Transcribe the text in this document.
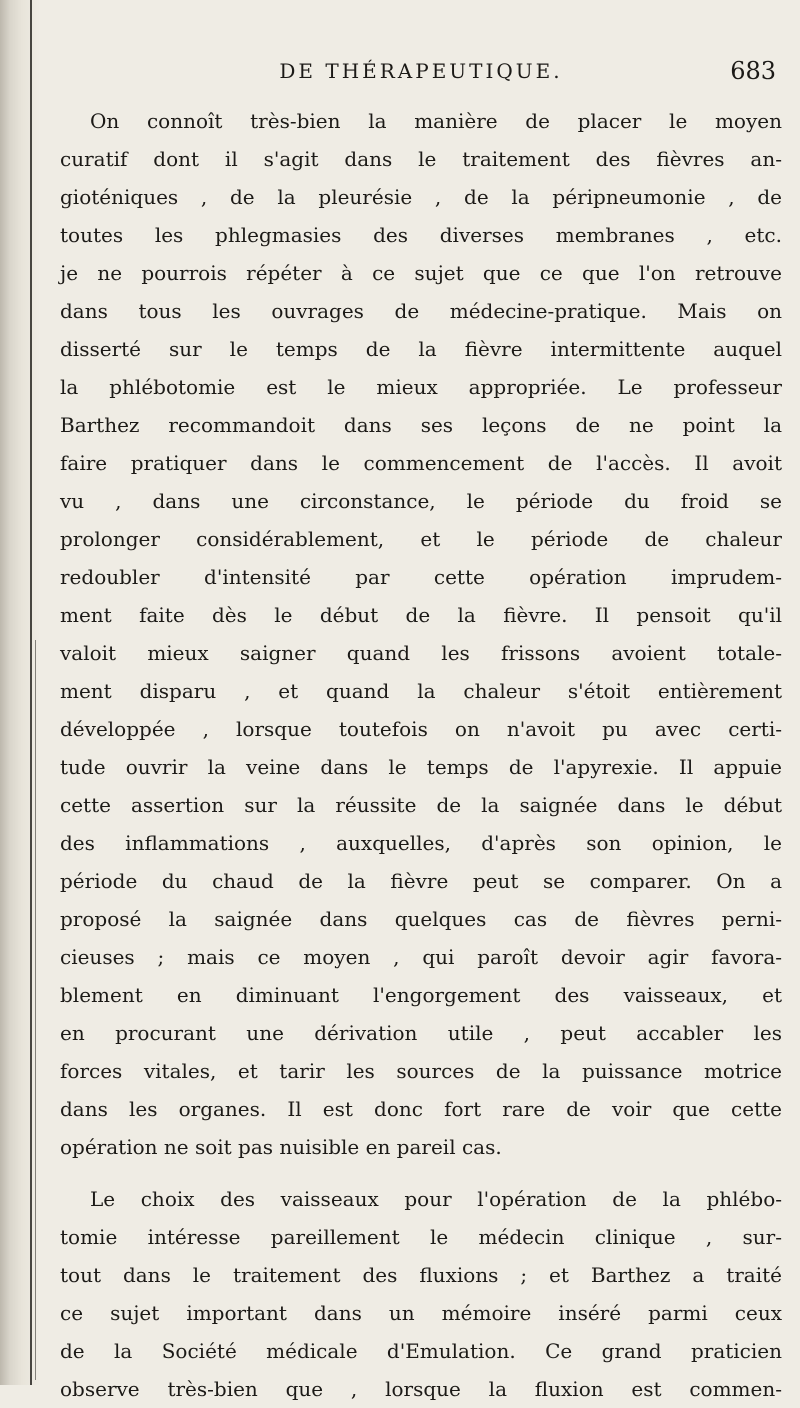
DE THÉRAPEUTIQUE.	683
On connoît très-bien la manière de placer le moyen
curatif dont il s'agit dans le traitement des fièvres an-
gioténiques , de la pleurésie , de la péripneumonie , de
toutes les phlegmasies des diverses membranes , etc.
je ne pourrois répéter à ce sujet que ce que l'on retrouve
dans tous les ouvrages de médecine-pratique. Mais on
disserté sur le temps de la fièvre intermittente auquel
la phlébotomie est le mieux appropriée. Le professeur
Barthez recommandoit dans ses leçons de ne point la
faire pratiquer dans le commencement de l'accès. Il avoit
vu , dans une circonstance, le période du froid se
prolonger considérablement, et le période de chaleur
redoubler d'intensité par cette opération imprudem-
ment faite dès le début de la fièvre. Il pensoit qu'il
valoit mieux saigner quand les frissons avoient totale-
ment disparu , et quand la chaleur s'étoit entièrement
développée , lorsque toutefois on n'avoit pu avec certi-
tude ouvrir la veine dans le temps de l'apyrexie. Il appuie
cette assertion sur la réussite de la saignée dans le début
des inflammations , auxquelles, d'après son opinion, le
période du chaud de la fièvre peut se comparer. On a
proposé la saignée dans quelques cas de fièvres perni-
cieuses ; mais ce moyen , qui paroît devoir agir favora-
blement en diminuant l'engorgement des vaisseaux, et
en procurant une dérivation utile , peut accabler les
forces vitales, et tarir les sources de la puissance motrice
dans les organes. Il est donc fort rare de voir que cette
opération ne soit pas nuisible en pareil cas.
Le choix des vaisseaux pour l'opération de la phlébo-
tomie intéresse pareillement le médecin clinique , sur-
tout dans le traitement des fluxions ; et Barthez a traité
ce sujet important dans un mémoire inséré parmi ceux
de la Société médicale d'Emulation. Ce grand praticien
observe très-bien que , lorsque la fluxion est commen-
